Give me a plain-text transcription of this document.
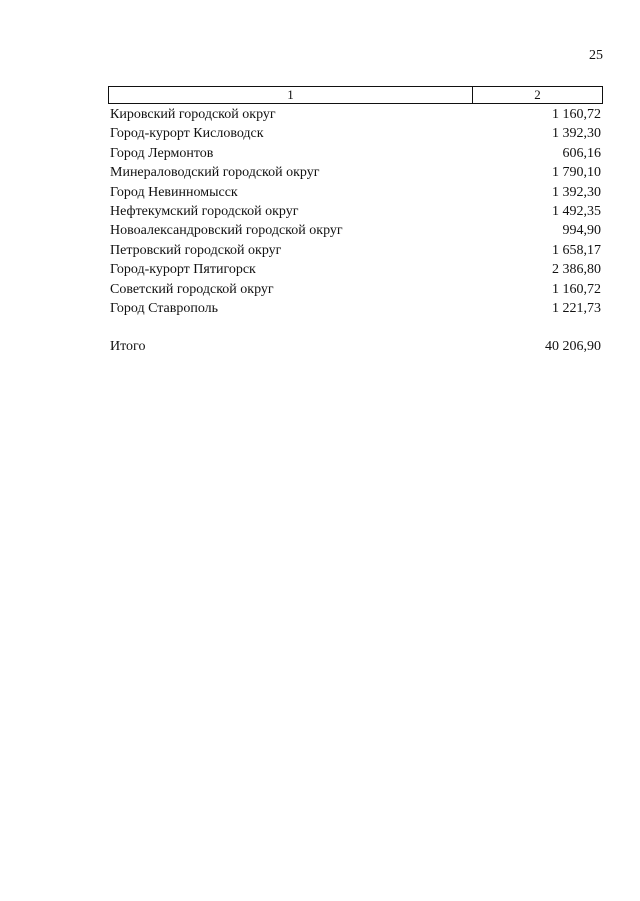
25
1	2
Кировский городской округ	1 160,72
Город-курорт Кисловодск	1 392,30
Город Лермонтов	606,16
Минераловодский городской округ	1 790,10
Город Невинномысск	1 392,30
Нефтекумский городской округ	1 492,35
Новоалександровский городской округ	994,90
Петровский городской округ	1 658,17
Город-курорт Пятигорск	2 386,80
Советский городской округ	1 160,72
Город Ставрополь	1 221,73
Итого	40 206,90
